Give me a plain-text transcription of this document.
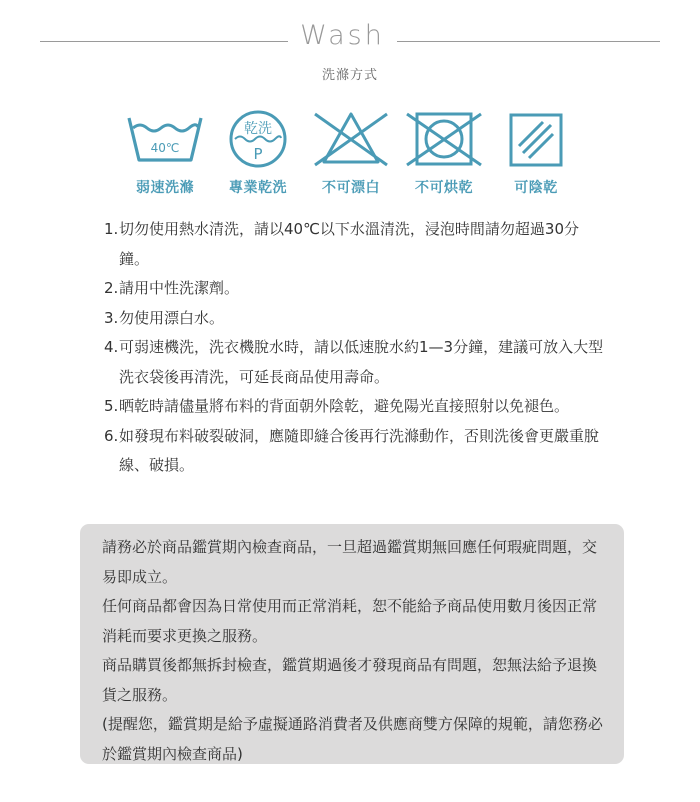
Wash
洗滌方式
40℃
弱速洗滌
乾洗
P
專業乾洗	不可漂白	不可烘乾	可陰乾
1. 切勿使用熱水清洗，請以40℃以下水溫清洗，浸泡時間請勿超過30分鐘。
2. 請用中性洗潔劑。
3. 勿使用漂白水。
4. 可弱速機洗，洗衣機脫水時，請以低速脫水約1—3分鐘，建議可放入大型洗衣袋後再清洗，可延長商品使用壽命。
5. 晒乾時請儘量將布料的背面朝外陰乾，避免陽光直接照射以免褪色。
6. 如發現布料破裂破洞，應隨即縫合後再行洗滌動作，否則洗後會更嚴重脫線、破損。

請務必於商品鑑賞期內檢查商品，一旦超過鑑賞期無回應任何瑕疵問題，交易即成立。

任何商品都會因為日常使用而正常消耗，恕不能給予商品使用數月後因正常消耗而要求更換之服務。

商品購買後都無拆封檢查，鑑賞期過後才發現商品有問題，恕無法給予退換貨之服務。

(提醒您，鑑賞期是給予虛擬通路消費者及供應商雙方保障的規範，請您務必於鑑賞期內檢查商品)
